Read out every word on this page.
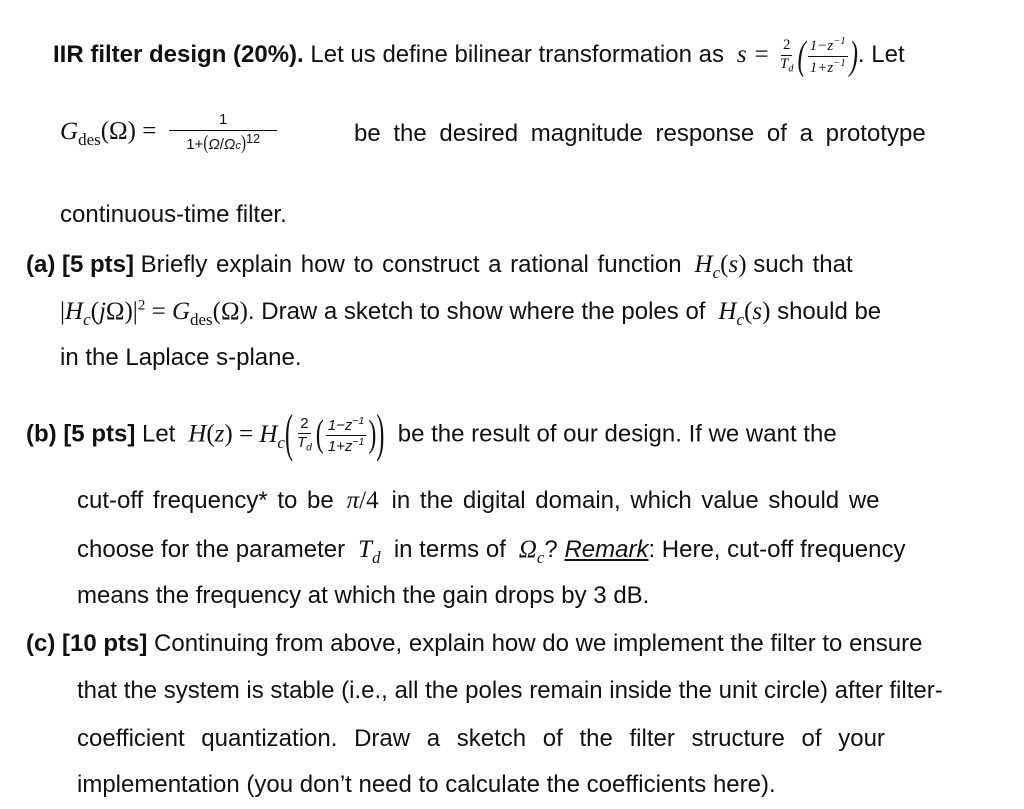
IIR filter design (20%). Let us define bilinear transformation as  $s = \frac{2}{T_d}$ ( $\frac{1-z^{-1}}{1+z^{-1}}$ ). Let
$G_{des}(\Omega) = \frac{1}{1+(\Omega/\Omega c)^{12}}$	be the desired magnitude response of a prototype
continuous-time filter.
(a) [5 pts] Briefly explain how to construct a rational function  $H_c(s)$ such that
$|H_c(j\Omega)|^2 = G_{des}(\Omega)$. Draw a sketch to show where the poles of  $H_c(s)$ should be
in the Laplace s-plane.
(b) [5 pts] Let  $H(z) = H_c( \frac{2}{T_d}$ ( $\frac{1-z^{-1}}{1+z^{-1}}$ )) be the result of our design. If we want the
cut-off frequency* to be  π/4  in the digital domain, which value should we
choose for the parameter  $T_d$ in terms of  $\Omega_c$? Remark: Here, cut-off frequency
means the frequency at which the gain drops by 3 dB.
(c) [10 pts] Continuing from above, explain how do we implement the filter to ensure
that the system is stable (i.e., all the poles remain inside the unit circle) after filter-
coefficient quantization. Draw a sketch of the filter structure of your
implementation (you don’t need to calculate the coefficients here).
